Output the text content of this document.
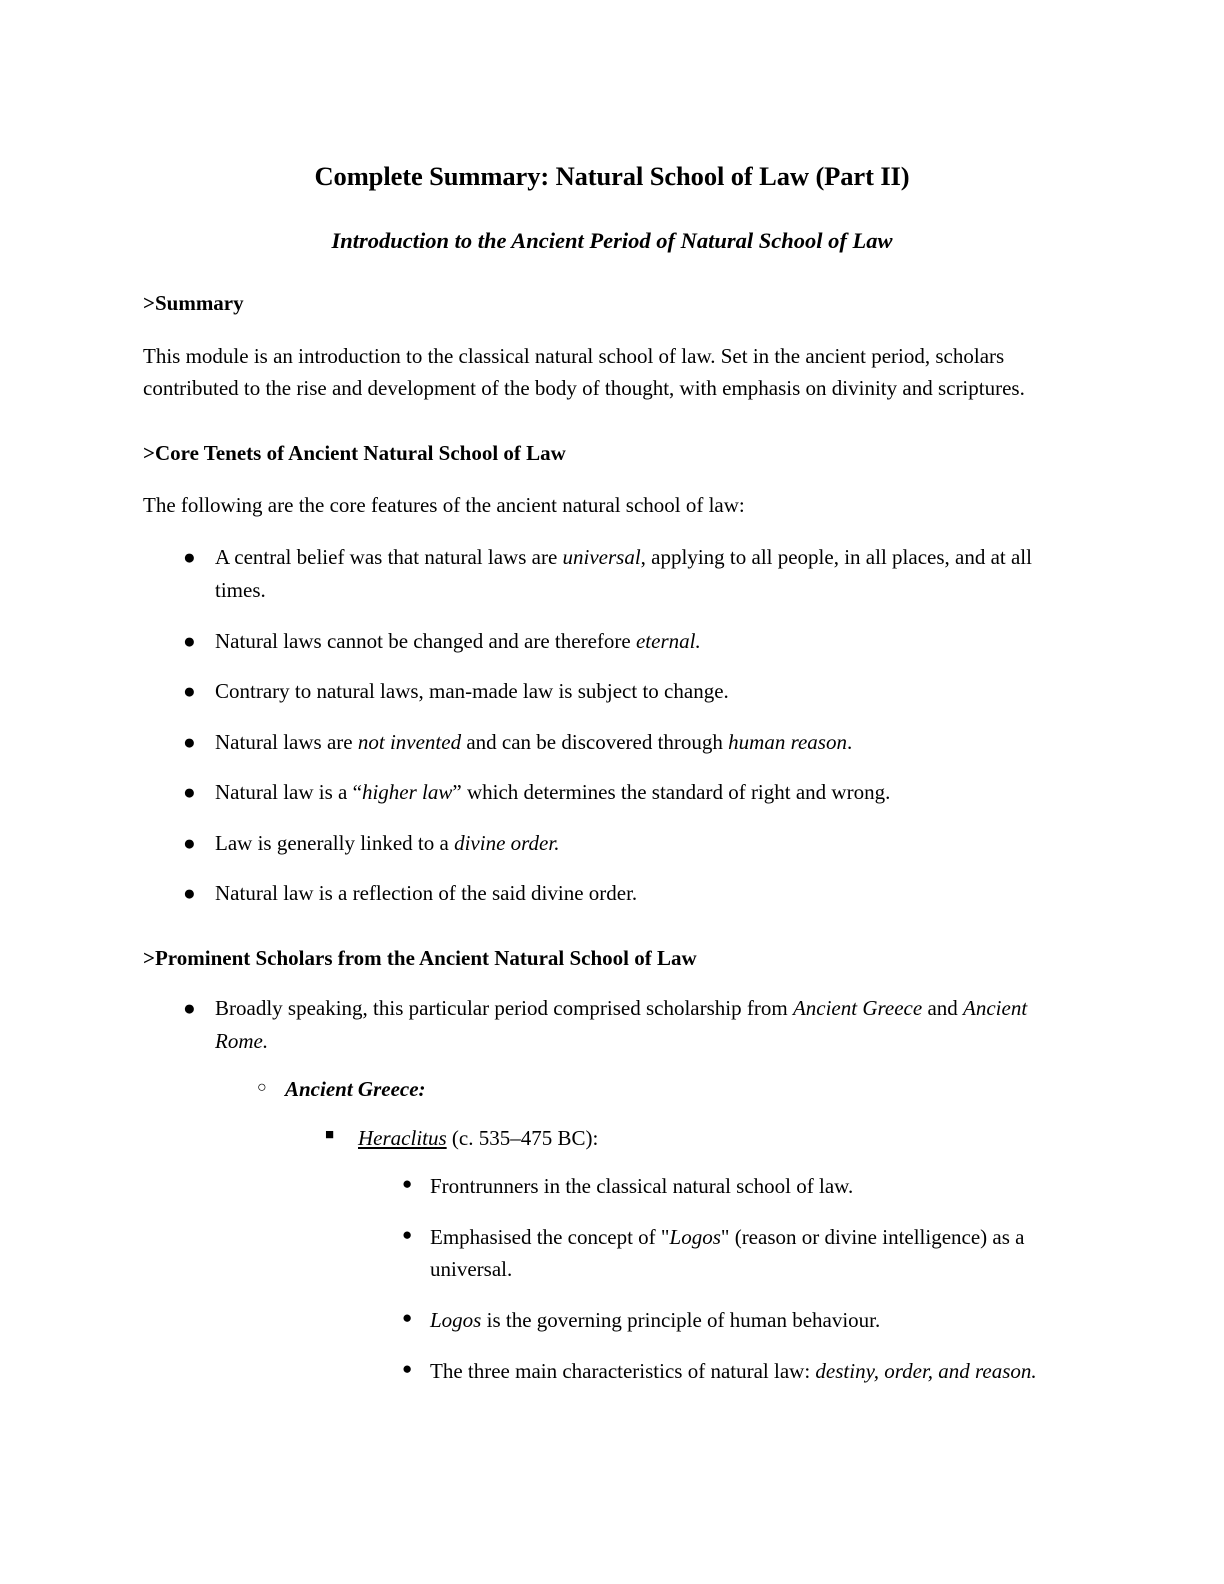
Complete Summary: Natural School of Law (Part II)
Introduction to the Ancient Period of Natural School of Law
>Summary

This module is an introduction to the classical natural school of law. Set in the ancient period, scholars contributed to the rise and development of the body of thought, with emphasis on divinity and scriptures.

>Core Tenets of Ancient Natural School of Law

The following are the core features of the ancient natural school of law:

● A central belief was that natural laws are universal, applying to all people, in all places, and at all times.
● Natural laws cannot be changed and are therefore eternal.
● Contrary to natural laws, man-made law is subject to change.
● Natural laws are not invented and can be discovered through human reason.
● Natural law is a “higher law” which determines the standard of right and wrong.
● Law is generally linked to a divine order.
● Natural law is a reflection of the said divine order.
>Prominent Scholars from the Ancient Natural School of Law
● Broadly speaking, this particular period comprised scholarship from Ancient Greece and Ancient Rome.
○ Ancient Greece:
■ Heraclitus (c. 535–475 BC):
● Frontrunners in the classical natural school of law.
● Emphasised the concept of "Logos" (reason or divine intelligence) as a universal.
● Logos is the governing principle of human behaviour.
● The three main characteristics of natural law: destiny, order, and reason.
